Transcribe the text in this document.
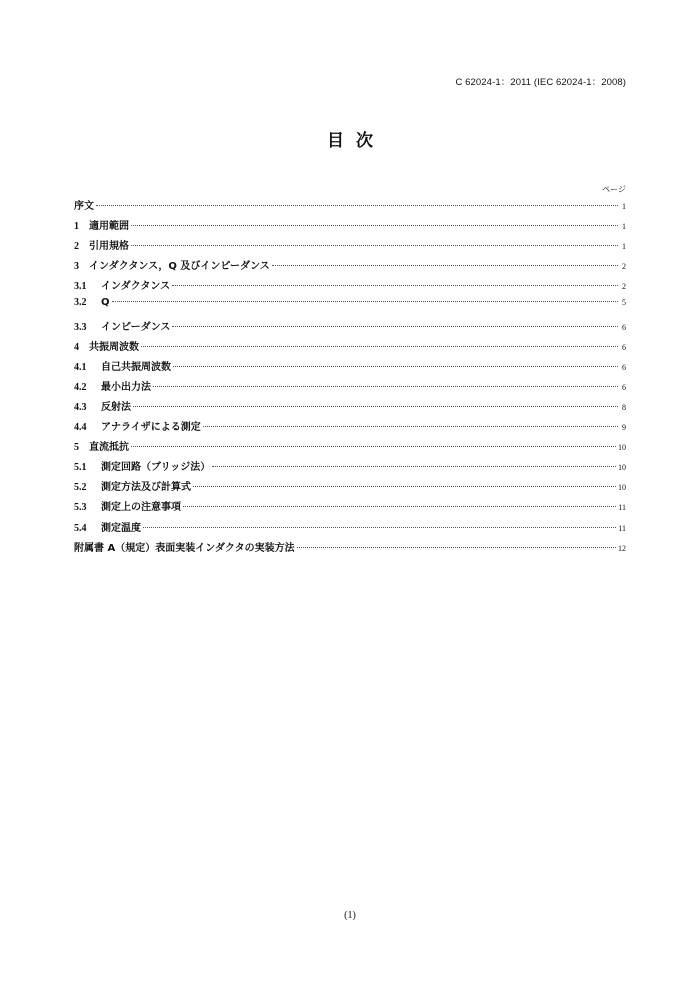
C 62024-1：2011 (IEC 62024-1：2008)
目次
ページ
序文	1
1	適用範囲	1
2	引用規格	1
3	インダクタンス，Q 及びインピーダンス	2
3.1	インダクタンス	2
3.2	Q	5
3.3	インピーダンス	6
4	共振周波数	6
4.1	自己共振周波数	6
4.2	最小出力法	6
4.3	反射法	8
4.4	アナライザによる測定	9
5	直流抵抗	10
5.1	測定回路（ブリッジ法）	10
5.2	測定方法及び計算式	10
5.3	測定上の注意事項	11
5.4	測定温度	11
附属書 A（規定）表面実装インダクタの実装方法	12
(1)
